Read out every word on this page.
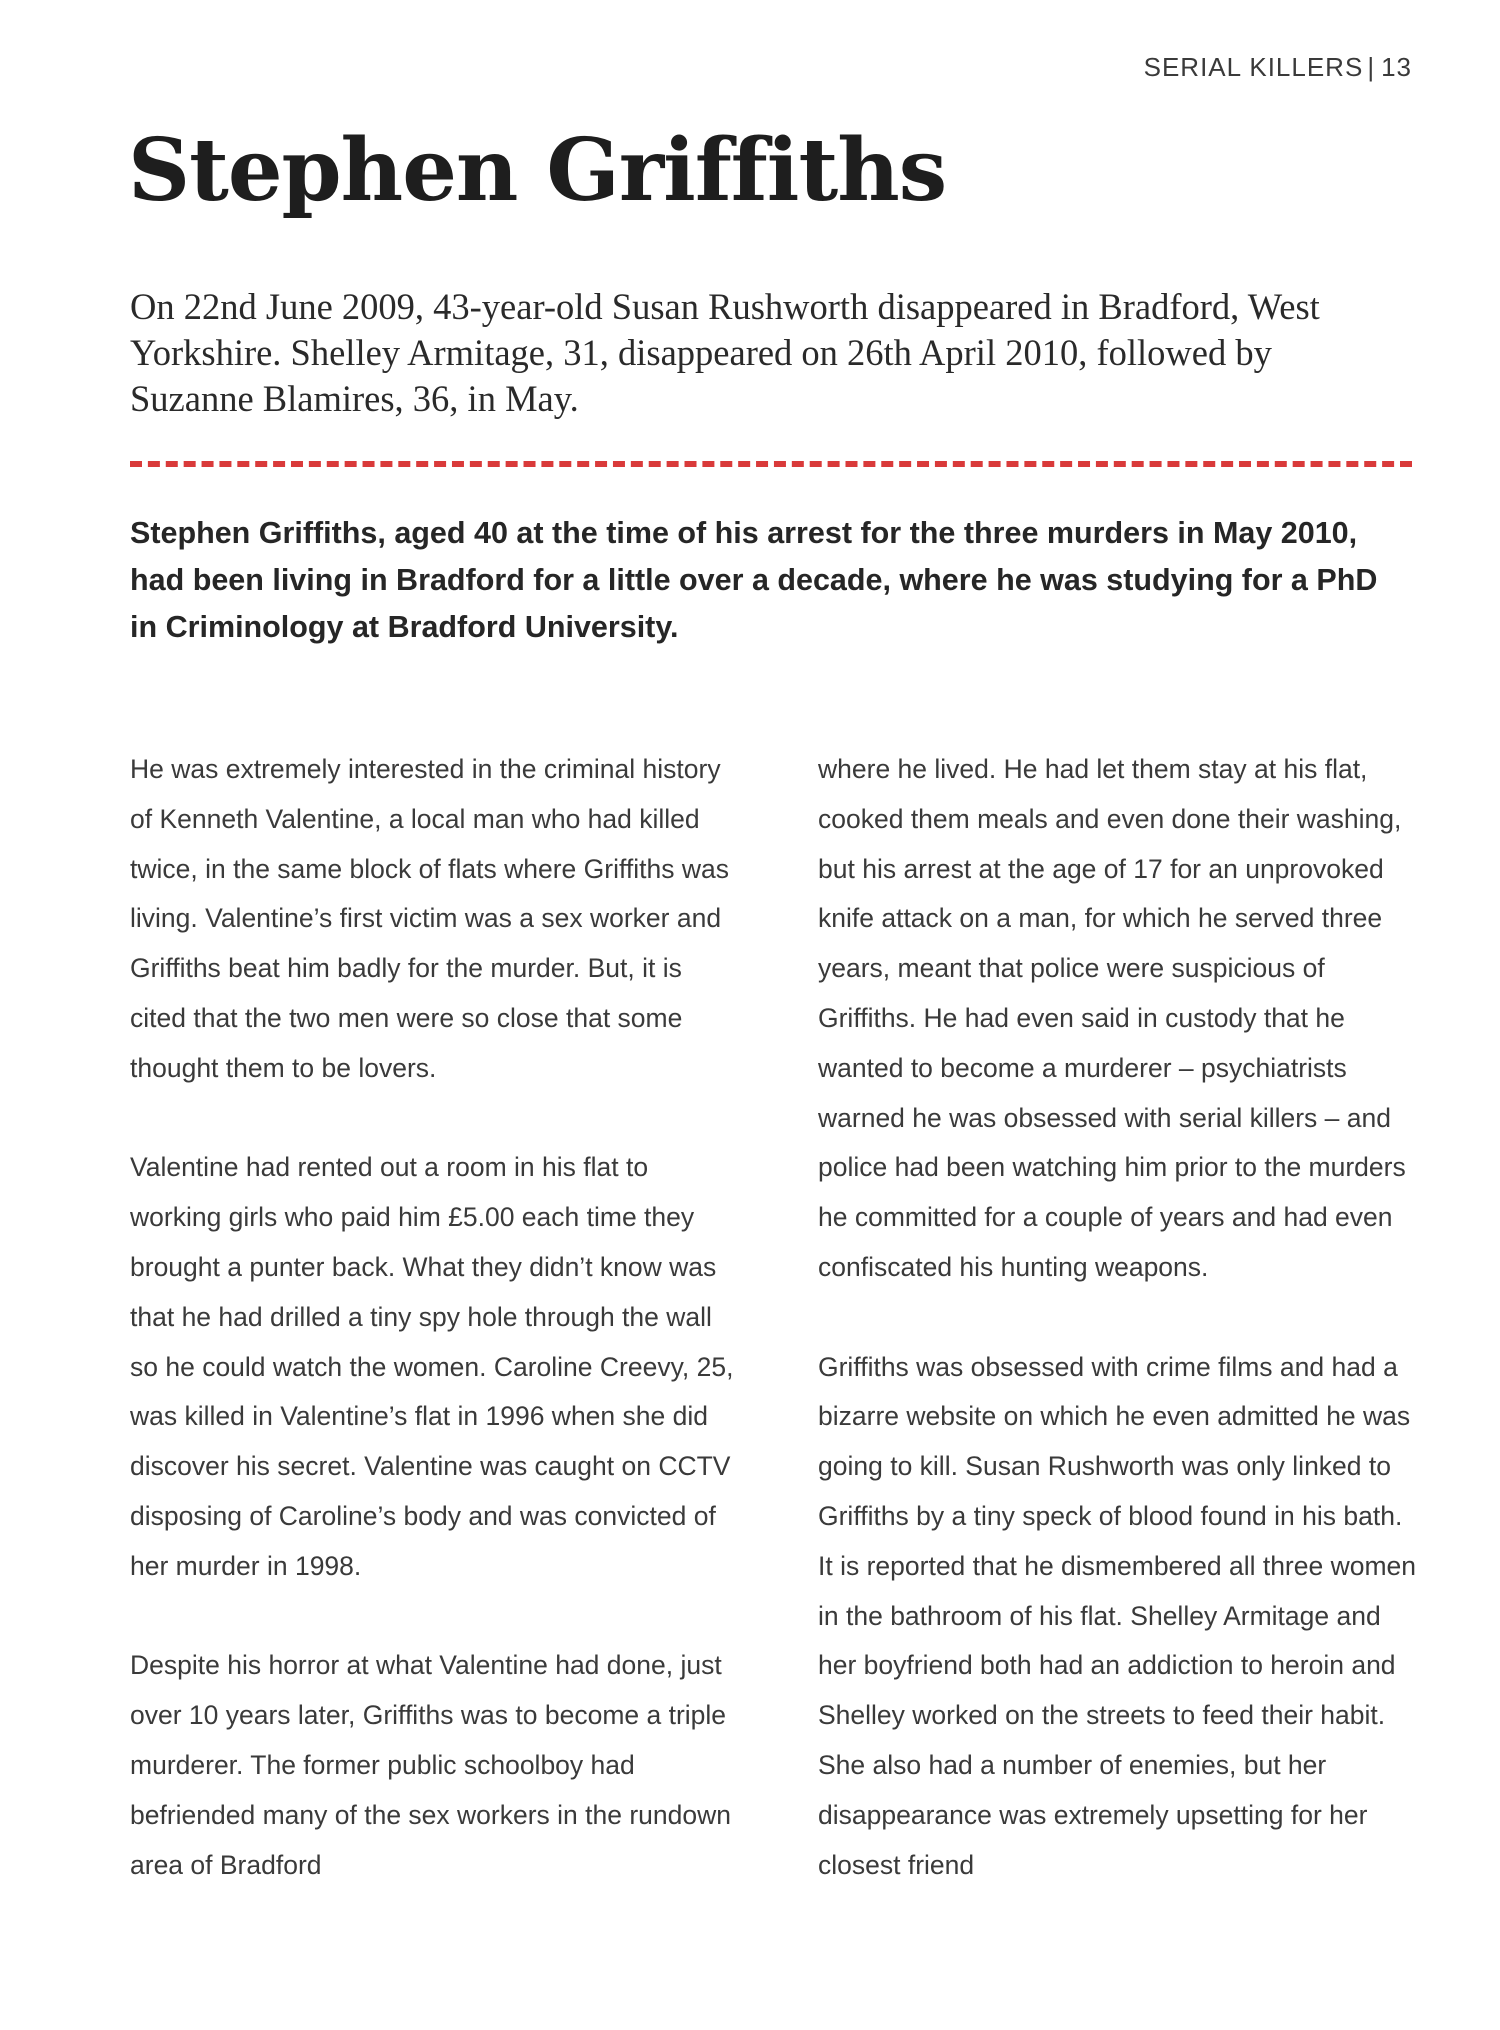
SERIAL KILLERS | 13
Stephen Griffiths

On 22nd June 2009, 43-year-old Susan Rushworth disappeared in Bradford, West Yorkshire. Shelley Armitage, 31, disappeared on 26th April 2010, followed by Suzanne Blamires, 36, in May.

Stephen Griffiths, aged 40 at the time of his arrest for the three murders in May 2010, had been living in Bradford for a little over a decade, where he was studying for a PhD in Criminology at Bradford University.

He was extremely interested in the criminal history of Kenneth Valentine, a local man who had killed twice, in the same block of flats where Griffiths was living. Valentine’s first victim was a sex worker and Griffiths beat him badly for the murder. But, it is cited that the two men were so close that some thought them to be lovers.

Valentine had rented out a room in his flat to working girls who paid him £5.00 each time they brought a punter back. What they didn’t know was that he had drilled a tiny spy hole through the wall so he could watch the women. Caroline Creevy, 25, was killed in Valentine’s flat in 1996 when she did discover his secret. Valentine was caught on CCTV disposing of Caroline’s body and was convicted of her murder in 1998.

Despite his horror at what Valentine had done, just over 10 years later, Griffiths was to become a triple murderer. The former public schoolboy had befriended many of the sex workers in the rundown area of Bradford

where he lived. He had let them stay at his flat, cooked them meals and even done their washing, but his arrest at the age of 17 for an unprovoked knife attack on a man, for which he served three years, meant that police were suspicious of Griffiths. He had even said in custody that he wanted to become a murderer – psychiatrists warned he was obsessed with serial killers – and police had been watching him prior to the murders he committed for a couple of years and had even confiscated his hunting weapons.

Griffiths was obsessed with crime films and had a bizarre website on which he even admitted he was going to kill. Susan Rushworth was only linked to Griffiths by a tiny speck of blood found in his bath. It is reported that he dismembered all three women in the bathroom of his flat. Shelley Armitage and her boyfriend both had an addiction to heroin and Shelley worked on the streets to feed their habit. She also had a number of enemies, but her disappearance was extremely upsetting for her closest friend
